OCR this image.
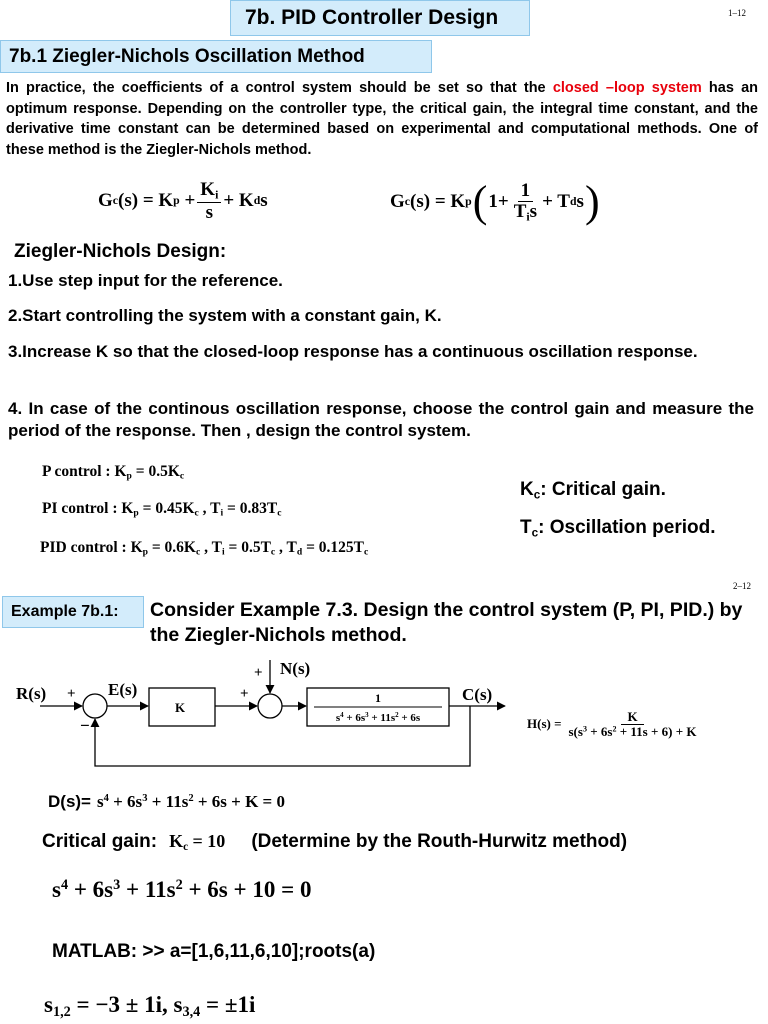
7b. PID Controller Design	1–12
7b.1 Ziegler-Nichols Oscillation Method

In practice, the coefficients of a control system should be set so that the closed –loop system has an optimum response. Depending on the controller type, the critical gain, the integral time constant, and the derivative time constant can be determined based on experimental and computational methods. One of these method is the Ziegler-Nichols method.

G c (s) = K $p + \frac{K_i}{s} + K$ d s	G c (s) = K p ( $1+ \frac{1}{T_is} + T$ d s )
Ziegler-Nichols Design:

1.Use step input for the reference.

2.Start controlling the system with a constant gain, K.

3.Increase K so that the closed-loop response has a continuous oscillation response.

4. In case of the continous oscillation response, choose the control gain and measure the period of the response. Then , design the control system.

P control : $K_p = 0.5K_c$
PI control : $K_p = 0.45K_c$ , $T_i = 0.83T_c$
PID control : $K_p = 0.6K_c$ , $T_i = 0.5T_c$ , $T_d = 0.125T_c$
$K_c$: Critical gain.
$T_c$: Oscillation period.
2–12
Example 7b.1: Consider Example 7.3. Design the control system (P, PI, PID.) by the Ziegler-Nichols method.
1
$s^4 + 6s^3 + 11s^2 + 6s$
R(s) +
−
E(s)
K
+
+ N(s)
C(s)
$H(s) = \frac{K}{s(s^3 + 6s^2 + 11s + 6) + K}$
$D(s)= s^4 + 6s^3 + 11s^2 + 6s + K = 0$
Critical gain: $K_c = 10$ (Determine by the Routh-Hurwitz method)
$s^4 + 6s^3 + 11s^2 + 6s + 10 = 0$
MATLAB: >> a=[1,6,11,6,10];roots(a)
$s_{1,2} = -3 \pm 1i$, $s_{3,4} = \pm 1i$
